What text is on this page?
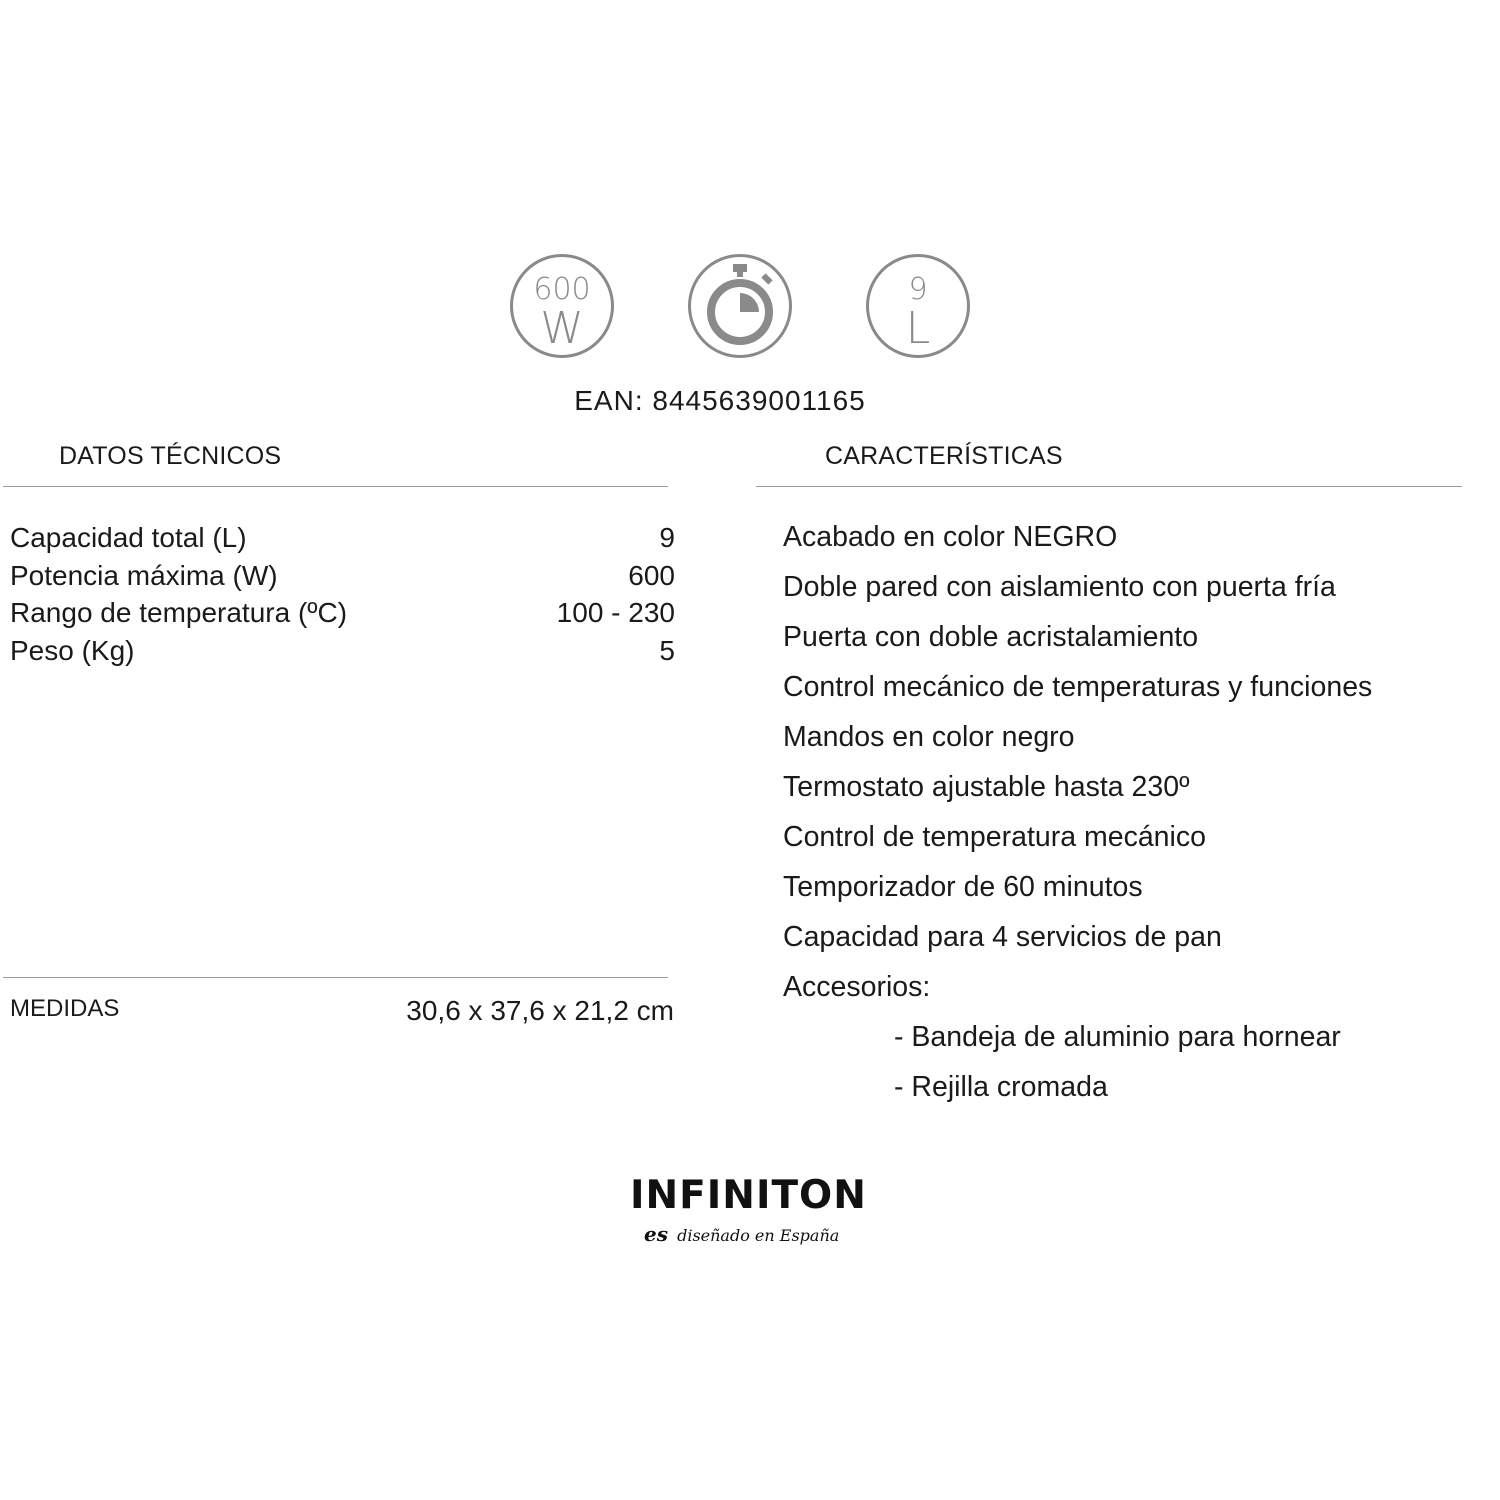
600
W
9
L
EAN: 8445639001165
DATOS TÉCNICOS	CARACTERÍSTICAS
Capacidad total (L)	9
Potencia máxima (W)	600
Rango de temperatura (ºC)	100 - 230
Peso (Kg)	5
MEDIDAS	30,6 x 37,6 x 21,2 cm
Acabado en color NEGRO
Doble pared con aislamiento con puerta fría
Puerta con doble acristalamiento
Control mecánico de temperaturas y funciones
Mandos en color negro
Termostato ajustable hasta 230º
Control de temperatura mecánico
Temporizador de 60 minutos
Capacidad para 4 servicios de pan
Accesorios:
- Bandeja de aluminio para hornear
- Rejilla cromada
INFINITON
es diseñado en España
